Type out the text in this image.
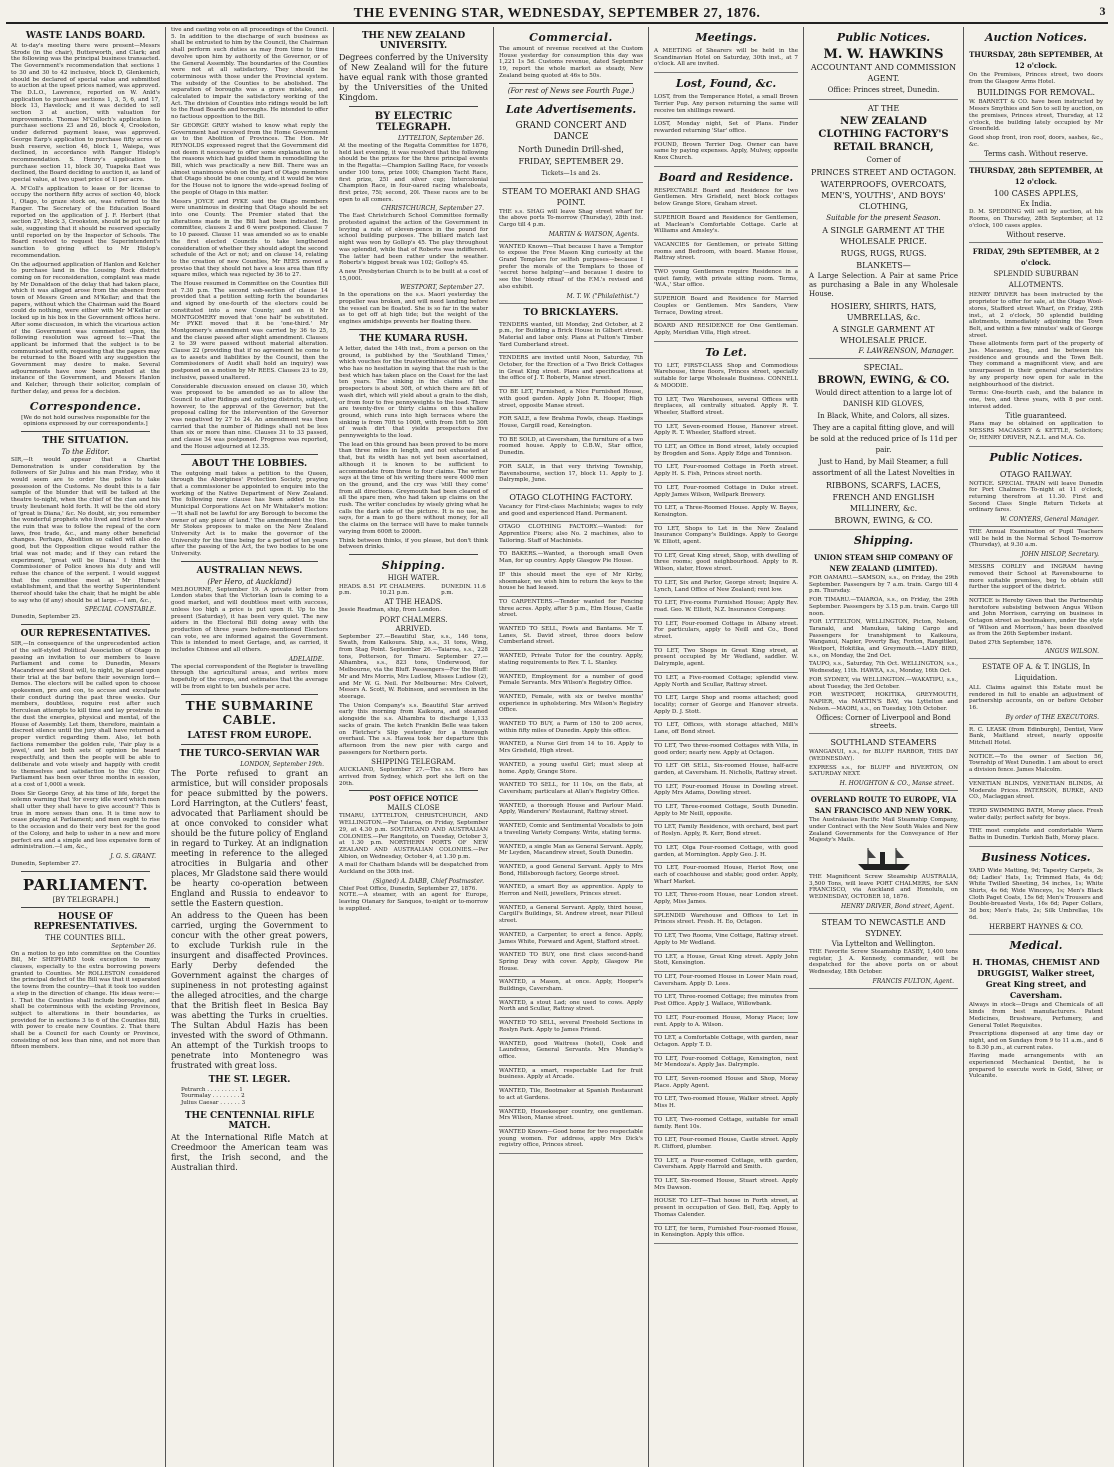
THE EVENING STAR, WEDNESDAY, SEPTEMBER 27, 1876.	3
WASTE LANDS BOARD.

At to-day's meeting there were present—Messrs Strode (in the chair), Butterworth, and Clark; and the following was the principal business transacted. The Government's recommendation that sections 1 to 30 and 30 to 42 inclusive, block D, Glenkenich, should be declared of special value and submitted to auction at the upset prices named, was approved. The D.L.O., Lawrence, reported on W. Anld's application to purchase sections 1, 3, 5, 6, and 17, block 13, Havelock; and it was decided to sell section 3 at auction, with valuation for improvements. Thomas M'Culloch's application to purchase sections 23 and 26, block 4, Crookston, under deferred payment lease, was approved. George Earp's application to purchase fifty acres of bush reserve, section 46, block 1, Waiepa, was declined, in accordance with Ranger Hislop's recommendation. S. Henry's application to purchase section 11, block 30, Tuapeka East was declined, the Board deciding to auction it, as land of special value, at two upset price of 1l per acre.

A. M'Coll's application to lease or for license to occupy the northern fifty acres of section 40, block 1, Otago, to graze stock on, was referred to the Ranger. The Secretary of the Education Board reported on the application of J. F. Herbert (that section 27, block 3, Crookston, should be put up for sale, suggesting that it should be reserved specially until reported on by the Inspector of Schools. The Board resolved to request the Superintendent's sanction to giving effect to Mr Hislop's recommendation.

On the adjourned application of Hanlon and Kelcher to purchase land in the Lousing Rock district coming on for reconsideration, complaint was made by Mr Donaldson of the delay that had taken place, which it was alleged arose from the absence from town of Messrs Green and M'Kellar; and that the papers, without which the Chairman said the Board could do nothing, were either with Mr M'Kellar or locked up in his box in the Government offices here. After some discussion, in which the vicarious action of the Government was commented upon, the following resolution was agreed to:—That the applicant be informed that the subject is to be communicated with, requesting that the papers may be returned to the Board with any suggestion the Government may desire to make. Several adjournments have now been granted at the instance of the Government, and Messrs Hanlon and Kelcher, through their solicitor, complain of further delay, and press for a decision.

Correspondence.

[We do not hold ourselves responsible for the opinions expressed by our correspondents.]

THE SITUATION.
To the Editor.

SIR,—It would appear that a Chartist Demonstration is under consideration by the followers of Sir Julius and his man Friday, who it would seem are to order the police to take possession of the Customs. No doubt this is a fair sample of the blunder that will be talked at the theatre to-night, when the chief of the clan and his trusty lieutenant hold forth. It will be the old story of 'great is Diana,' &c. No doubt, sir, you remember the wonderful prophets who lived and tried to shew the ruin that was to follow the repeal of the corn laws, free trade, &c., and many other beneficial changes. Perhaps, Abolition so called will also do good, but the Opposition clique would rather the trial was not made; and if they can retard the experiment, 'great will be Diana.' I think the Commissioner of Police knows his duty and will refuse the chance of the serpent. I would suggest that the committee meet at Mr Hume's establishment, and that the worthy Superintendent thereof should take the chair, that he might be able to say who (if any) should be at large.—I am, &c.,

SPECIAL CONSTABLE.
Dunedin, September 25.
OUR REPRESENTATIVES.

SIR,—In consequence of the unprecedented action of the self-styled Political Association of Otago in passing an invitation to our members to leave Parliament and come to Dunedin, Messrs Macandrew and Stout will, to night, be placed upon their trial at the bar before their sovereign lord—Demos. The electors will be called upon to choose spokesmen, pro and con, to accuse and exculpate their conduct during the past three weeks. Our members, doubtless, require rest after such Herculean attempts to kill time and lay prostrate in the dust the energies, physical and mental, of the House of Assembly. Let them, therefore, maintain a discreet silence until the jury shall have returned a proper verdict regarding them. Also, let both factions remember the golden rule, 'Fair play is a jewel,' and let both sets of opinion be heard respectfully, and then the people will be able to deliberate and vote wisely and happily with credit to themselves and satisfaction to the City. Our Parliament has been over three months in session, at a cost of 1,000l a week.

Does Sir George Grey, at his time of life, forget the solemn warning that 'for every idle word which men shall utter they shall have to give account'? This is true in more senses than one. It is time now to cease playing at Parliament; and men ought to rise to the occasion and do their very best for the good of the Colony, and help to usher in a new and more perfect era and a simple and less expensive form of administration.—I am, &c.,

J. G. S. GRANT.
Dunedin, September 27.
PARLIAMENT.
[BY TELEGRAPH.]
HOUSE OF REPRESENTATIVES.
THE COUNTIES BILL.
September 26.

On a motion to go into committee on the Counties Bill, Mr SHEPHARD took exception to many clauses, especially to the extra borrowing powers granted to Counties. Mr ROLLESTON considered the principal defect of the Bill was that it separated the towns from the country—that it took too sudden a step in the direction of change. His ideas were:—1. That the Counties shall include boroughs, and shall be coterminous with the existing Provinces, subject to alterations in their boundaries, as provided for in sections 3 to 6 of the Counties Bill, with power to create new Counties. 2. That there shall be a Council for each County or Province, consisting of not less than nine, and not more than fifteen members.

tive and casting vote on all proceedings of the Council. 5. In addition to the discharge of such business as shall be entrusted to him by the Council, the Chairman shall perform such duties as may from time to time devolve upon him by authority of the Governor, or of the General Assembly. The boundaries of the Counties were not at all satisfactory. They should be coterminous with those under the Provincial system. The subsidy of the Counties to be abolished. The separation of boroughs was a grave mistake, and calculated to impair the satisfactory working of the Act. The division of Counties into ridings would be left to the Road Boards and boroughs. He intended to offer no factious opposition to the Bill.

Sir GEORGE GREY wished to know what reply the Government had received from the Home Government as to the Abolition of Provinces. The Hon. Mr REYNOLDS expressed regret that the Government did not deem it necessary to offer some explanation as to the reasons which had guided them in remodelling the Bill, which was practically a new Bill. There was an almost unanimous wish on the part of Otago members that Otago should be one county, and it would be wise for the House not to ignore the wide-spread feeling of the people of Otago in this matter.

Messrs JOYCE and PYKE said the Otago members were unanimous in desiring that Otago should be set into one County. The Premier stated that the alterations made in the Bill had been indicated. In committee, clauses 2 and 6 were postponed. Clause 7 to 10 passed. Clause 11 was amended so as to enable the first elected Councils to take lengthened consideration of whether they should adopt the second schedule of the Act or not; and on clause 14, relating to the creation of new Counties, Mr REES moved a proviso that they should not have a less area than fifty square miles, which was rejected by 36 to 27.

The House resumed in Committee on the Counties Bill at 7.30 p.m. The second sub-section of clause 14 provided that a petition setting forth the boundaries and signed by one-fourth of the electors could be constituted into a new County; and on it Mr MONTGOMERY moved that 'one half' be substituted. Mr PYKE moved that it be 'one-third.' Mr Montgomery's amendment was carried by 36 to 25, and the clause passed after slight amendment. Clauses 2 to 39 were passed without material alteration. Clause 22 (providing that if no agreement be come to as to assets and liabilities by the Council, then the Commissioners of Audit shall hold an inquiry) was postponed on a motion by Mr REES. Clauses 23 to 29, inclusive, passed unaltered.

Considerable discussion ensued on clause 30, which was proposed to be amended so as to allow the Council to alter Ridings and outlying districts, subject, however, to the approval of the Governor; but the proposal calling for the intervention of the Governor was negatived by 27 to 24. An amendment was then carried that the number of Ridings shall not be less than six or more than nine. Clauses 31 to 33 passed, and clause 34 was postponed. Progress was reported, and the House adjourned at 12.35.

ABOUT THE LOBBIES.

The outgoing mail takes a petition to the Queen, through the Aborigines' Protection Society, praying that a commissioner be appointed to enquire into the working of the Native Department of New Zealand. The following new clause has been added to the Municipal Corporations Act on Mr Whitaker's motion:—'It shall not be lawful for any Borough to become the owner of any piece of land.' The amendment the Hon. Mr Stokes proposes to make on the New Zealand University Act is to make the governor of the University for the time being for a period of ten years after the passing of the Act, the two bodies to be one University.

AUSTRALIAN NEWS.
(Per Hero, at Auckland)

MELBOURNE, September 19. A private letter from London states that the Victorian loan is coming to a good market, and will doubtless meet with success, unless too high a price is put upon it. Up to the present (Saturday), it has been very quiet. The new aiders in the Electoral Bill doing away with the production of three years before-mentioned Electors can vote, we are informed against the Government. This is intended to meet Gertage, and, as carried, it includes Chinese and all others.

ADELAIDE.

The special correspondent of the Register is travelling through the agricultural areas, and writes more hopefully of the crops, and estimates that the average will be from eight to ten bushels per acre.

THE SUBMARINE CABLE.
LATEST FROM EUROPE.
THE TURCO-SERVIAN WAR
LONDON, September 19th.

The Porte refused to grant an armistice, but will consider proposals for peace submitted by the powers. Lord Harrington, at the Cutlers' feast, advocated that Parliament should be at once convoked to consider what should be the future policy of England in regard to Turkey. At an indignation meeting in reference to the alleged atrocities in Bulgaria and other places, Mr Gladstone said there would be hearty co-operation between England and Russia to endeavor to settle the Eastern question.

An address to the Queen has been carried, urging the Government to concur with the other great powers, to exclude Turkish rule in the insurgent and disaffected Provinces. Early Derby defended the Government against the charges of supineness in not protesting against the alleged atrocities, and the charge that the British fleet in Besica Bay was abetting the Turks in cruelties. The Sultan Abdul Hazis has been invested with the sword of Othmann. An attempt of the Turkish troops to penetrate into Montenegro was frustrated with great loss.

THE ST. LEGER.
Petrarch . . . . . . . . . 1
Tourmalay . . . . . . . . 2
Julius Caesar . . . . . . 3
THE CENTENNIAL RIFLE MATCH.

At the International Rifle Match at Creedmoor the American team was first, the Irish second, and the Australian third.

THE NEW ZEALAND UNIVERSITY.

Degrees conferred by the University of New Zealand will for the future have equal rank with those granted by the Universities of the United Kingdom.

BY ELECTRIC TELEGRAPH.
LYTTELTON, September 26.

At the meeting of the Regatta Committee for 1876, held last evening, it was resolved that the following should be the prizes for the three principal events in the Regatta:—Champion Sailing Race, for vessels under 100 tons, prize 100l; Champion Yacht Race, first prize, 25l and silver cup; Intercolonial Champion Race, in four-oared racing whaleboats, first prize, 75l; second, 20l. These races are to be open to all comers.

CHRISTCHURCH, September 27.

The East Christchurch School Committee formally protested against the action of the Government in levying a rate of eleven-pence in the pound for school building purposes. The billiard match last night was won by Gollop's 45. The play throughout was splendid, while that of Roberts was indifferent. The latter had been rather under the weather. Roberts's biggest break was 102; Gollop's 45.

A new Presbyterian Church is to be built at a cost of 15,000l.

WESTPORT, September 27.

In the operations on the s.s. Maori yesterday the propeller was broken, and will need landing before the vessel can be floated. She is so far in the water as to get off at high tide; but the weight of the engines amidships prevents her floating there.

THE KUMARA RUSH.

A letter, dated the 14th inst., from a person on the ground, is published by the 'Southland Times,' which vouches for the trustworthiness of the writer, who has no hesitation in saying that the rush is the best which has taken place on the Coast for the last ten years. The sinking in the claims of the prospectors is about 30ft, of which there are 8ft of wash dirt, which will yield about a grain to the dish, or from four to five pennyweights to the load. There are twenty-five or thirty claims on this shallow ground, which runs into high terraces where the sinking is from 70ft to 100ft, with from 16ft to 30ft of wash dirt that yields prospectors five pennyweights to the load.

The lead on this ground has been proved to be more than three miles in length, and not exhausted at that, but its width has not yet been ascertained, although it is known to be sufficient to accommodate from three to four claims. The writer says at the time of his writing there were 4000 men on the ground, and the cry was 'still they come' from all directions. Greymouth had been cleared of all the spare men, who had taken up claims on the rush. The writer concludes by wisely giving what he calls the dark side of the picture. It is no use, he says, for a man to go there without money, for all the claims on the terrace will have to make tunnels varying from 600ft to 2000ft.

Think between thinks, if you please, but don't think between drinks.

Shipping.
HIGH WATER.
HEADS. 8.51 p.m.
PT. CHALMERS. 10.21 p.m.
DUNEDIN. 11.6 p.m.
AT THE HEADS.

Jessie Readman, ship, from London.

PORT CHALMERS.
ARRIVED.

September 27.—Beautiful Star, s.s., 146 tons, Swath, from Kaikoura. Ship, s.s., 31 tons, Wing, from Stag Point. September 26.—Taiaroa, s.s., 228 tons, Potterson, for Timaru. September 27.—Alhambra, s.s., 823 tons, Underwood, for Melbourne, via the Bluff. Passengers—For the Bluff: Mr and Mrs Morris, Mrs Ludlow, Misses Ludlow (2), and Mr W. G. Neil. For Melbourne: Mrs Colvert, Messrs A. Scott, W. Robinson, and seventeen in the steerage.

The Union Company's s.s. Beautiful Star arrived early this morning from Kaikoura, and steamed alongside the s.s. Alhambra to discharge 1,133 sacks of grain. The ketch Franklin Belle was taken on Fletcher's Slip yesterday for a thorough overhaul. The s.s. Hawea took her departure this afternoon from the new pier with cargo and passengers for Northern ports.

SHIPPING TELEGRAM.

AUCKLAND, September 27.—The s.s. Hero has arrived from Sydney, which port she left on the 20th.

POST OFFICE NOTICE
MAILS CLOSE

TIMARU, LYTTELTON, CHRISTCHURCH, AND WELLINGTON.—Per Taiaroa, on Friday, September 29, at 4.30 p.m. SOUTHLAND AND AUSTRALIAN COLONIES.—Per Rangitoto, on Tuesday, October 3, at 1.30 p.m. NORTHERN PORTS OF NEW ZEALAND AND AUSTRALIAN COLONIES.—Per Albion, on Wednesday, October 4, at 1.30 p.m.

A mail for Chatham Islands will be despatched from Auckland on the 30th inst.

(Signed) A. DABB, Chief Postmaster.
Chief Post Office, Dunedin, September 27, 1876.

NOTE.—A steamer, with an agent for Europe, leaving Otanary for Sanquos, to-night or to-morrow is supplied.

Commercial.

The amount of revenue received at the Custom House yesterday for consumption this day was 1,221 1s 5d. Customs revenue, dated September 19, report the whole market as steady, New Zealand being quoted at 46s to 50s.

(For rest of News see Fourth Page.)
Late Advertisements.
GRAND CONCERT AND DANCE
North Dunedin Drill-shed,
FRIDAY, SEPTEMBER 29.
Tickets—1s and 2s.
STEAM TO MOERAKI AND SHAG POINT.

THE s.s. SHAG will leave Shag street wharf for the above ports To-morrow (Thursday), 28th inst. Cargo till 4 p.m.

MARTIN & WATSON, Agents.

WANTED Known—That because I have a Temptor to expose the Free Mason King curiosity at the Grand Templars for selfish purposes—because I prefer the morals of the Templars to those of 'secret horse helping'—and because I desire to see the 'bloody ritual' of the F.M.'s revised and also exhibit.

M. T. W. ("Philalethist.")
TO BRICKLAYERS.

TENDERS wanted, till Monday, 2nd October, at 2 p.m., for Building a Brick House in Gilbert street. Material and labor only. Plans at Fulton's Timber Yard Cumberland street.

TENDERS are invited until Noon, Saturday, 7th October, for the Erection of a Two Brick Cottages in Great King street. Plans and specifications at the office of J. T. Roberts, Manse street.

TO BE LET, Furnished, a Nice Furnished House, with good garden. Apply John R. Hooper, High street, opposite Manse street.

FOR SALE, a few Brahma Fowls, cheap. Hastings House, Cargill road, Kensington.

TO BE SOLD, at Caversham, the furniture of a two roomed house. Apply to C.B.W., Star office, Dunedin.

FOR SALE, in that very thriving Township, Ravensbourne, section 17, block 11. Apply to J. Dalrymple, June.

OTAGO CLOTHING FACTORY.

Vacancy for First-class Machinists; wages to rely and good and experienced Hand. Permanent.

OTAGO CLOTHING FACTORY.—Wanted: for Apprentice Fixers; also No. 2 machines, also to Tailoring. Staff of Machinists.

TO BAKERS.—Wanted, a thorough small Oven Man, for up country. Apply Glasgow Pie House.

IF this should meet the eye of Mr Kirby, shoemaker, we wish him to return the keys to the house he had leased.

TO CARPENTERS.—Tender wanted for Fencing three acres. Apply, after 5 p.m., Elm House, Castle street.

WANTED TO SELL, Fowls and Bantams. Mr T. Lanes, St. David street, three doors below Cumberland street.

WANTED, Private Tutor for the country. Apply, stating requirements to Rev. T. L. Stanley.

WANTED, Employment for a number of good Female Servants. Mrs Wilson's Registry Office.

WANTED, Female, with six or twelve months' experience in upholstering. Mrs Wilson's Registry Office.

WANTED TO BUY, a Farm of 150 to 200 acres, within fifty miles of Dunedin. Apply this office.

WANTED, a Nurse Girl from 14 to 16. Apply to Mrs Grisfield, High street.

WANTED, a young useful Girl; must sleep at home. Apply, Grange Store.

WANTED TO SELL, for 1l 10s, on the flats, at Caversham; particulars at Allan's Registry Office.

WANTED, a thorough House and Parlour Maid. Apply, Wanderers' Restaurant, Rattray street.

WANTED, Comic and Sentimental Vocalists to join a traveling Variety Company. Write, stating terms.

WANTED, a single Man as General Servant. Apply, Mr Leyden, Macandrew street, South Dunedin.

WANTED, a good General Servant. Apply to Mrs Bond, Hillsborough factory, George street.

WANTED, a smart Boy as apprentice. Apply to Herron and Neill, jewellers, Princes street.

WANTED, a General Servant. Apply, third house, Cargill's Buildings, St. Andrew street, near Filleul street.

WANTED, a Carpenter, to erect a fence. Apply, James White, Forward and Agent, Stafford street.

WANTED TO BUY, one first class second-hand Spring Dray with cover. Apply, Glasgow Pie House.

WANTED, a Mason, at once. Apply, Hooper's Buildings, Caversham.

WANTED, a stout Lad; one used to cows. Apply North and Scullar, Rattray street.

WANTED TO SELL, several Freehold Sections in Roslyn Park. Apply to James Friend.

WANTED, good Waitress (hotel), Cook and Laundress, General Servants. Mrs Munday's office.

WANTED, a smart, respectable Lad for fruit business. Apply at Arcade.

WANTED, Tile, Bootmaker at Spanish Restaurant to act at Gardens.

WANTED, Housekeeper country, one gentleman. Mrs Wilson, Manse street.

WANTED Known—Good home for two respectable young women. For address, apply Mrs Dick's registry office, Princes street.

Meetings.

A MEETING of Shearers will be held in the Scandinavian Hotel on Saturday, 30th inst., at 7 o'clock. All are invited.

Lost, Found, &c.

LOST, from the Temperance Hotel, a small Brown Terrier Pup. Any person returning the same will receive ten shillings reward.

LOST, Monday night, Set of Plans. Finder rewarded returning 'Star' office.

FOUND, Brown Terrier Dog. Owner can have same by paying expenses. Apply, Mulvey, opposite Knox Church.

Board and Residence.

RESPECTABLE Board and Residence for two Gentlemen. Mrs Grisfield, next block cottages below Grange Store, Graham street.

SUPERIOR Board and Residence for Gentlemen, at Maclean's Comfortable Cottage. Carle at Williams and Amsley's.

VACANCIES for Gentlemen, or private Sitting rooms and Bedroom, with board. Manse House, Rattray street.

TWO young Gentlemen require Residence in a quiet family, with private sitting room. Terms, 'W.A.,' Star office.

SUPERIOR Board and Residence for Married Couples or Gentlemen. Mrs Sanders, View Terrace, Dowling street.

BOARD AND RESIDENCE for One Gentleman. Apply, Meridian Villa, High street.

To Let.

TO LET, FIRST-CLASS Shop and Commodious Warehouse, three floors, Princes street, specially suitable for large Wholesale Business. CONNELL & MOODIE.

TO LET, Two Warehouses, several Offices with fireplaces, all centrally situated. Apply R. T. Wheeler, Stafford street.

TO LET, Seven-roomed House, Hanover street. Apply R. T. Wheeler, Stafford street.

TO LET, an Office in Bond street, lately occupied by Brogden and Sons. Apply Edge and Tonnison.

TO LET, Four-roomed Cottage in Forth street. Apply H. S. Fish, Princes street north.

TO LET, Four-roomed Cottage in Duke street. Apply James Wilson, Wellpark Brewery.

TO LET, a Three-Roomed House. Apply W. Bayes, Kensington.

TO LET, Shops to Let in the New Zealand Insurance Company's Buildings. Apply to George W. Elliott, agent.

TO LET, Great King street, Shop, with dwelling of three rooms; good neighbourhood. Apply to R. Wilson, slater, Howe street.

TO LET, Six and Parlor, George street; Inquire A. Lynch, Land Office of New Zealand; rent low.

TO LET, Five-rooms Furnished House; Apply Rev. road. Geo. W. Elliott, N.Z. Insurance Company.

TO LET, Four-roomed Cottage in Albany street. For particulars, apply to Neill and Co., Bond street.

TO LET, Two Shops in Great King street, at present occupied by Mr Wedland, saddler. W. Dalrymple, agent.

TO LET, a Five-roomed Cottage; splendid view. Apply North and Scullar, Rattray street.

TO LET, Large Shop and rooms attached; good locality; corner of George and Hanover streets. Apply D. J. Stott.

TO LET, Offices, with storage attached, Mill's Lane, off Bond street.

TO LET, Two three-roomed Cottages with Villa, in good order; nearly new. Apply at Octagon.

TO LET OR SELL, Six-roomed House, half-acre garden, at Caversham. H. Nicholls, Rattray street.

TO LET, Four-roomed House in Dowling street. Apply Mrs Adams, Dowling street.

TO LET, Three-roomed Cottage, South Dunedin. Apply to Mr Neill, opposite.

TO LET, Family Residence, with orchard, best part of Roslyn. Apply, R. Kerr, Bond street.

TO LET, Olga Four-roomed Cottage, with good garden, at Mornington. Apply Geo. J. H.

TO LET, Four-roomed House, Heriot Row, one each of coachhouse and stable; good order. Apply, Wharf Market.

TO LET, Three-room House, near London street. Apply, Miss James.

SPLENDID Warehouse and Offices to Let in Princes street. Fresh. H. Eo, Octagon.

TO LET, Two Rooms, Vine Cottage, Rattray street. Apply to Mr Wedland.

TO LET, a House, Great King street. Apply John Stott, Kensington.

TO LET, Four-roomed House in Lower Main road, Caversham. Apply D. Lees.

TO LET, Three-roomed Cottage; five minutes from Post Office. Apply J. Wallace, Willowbank.

TO LET, Four-roomed House, Moray Place; low rent. Apply to A. Wilson.

TO LET, a Comfortable Cottage, with garden, near Octagon. Apply T. D.

TO LET, Four-roomed Cottage, Kensington, next Mr Mendoza's. Apply Jas. Dalrymple.

TO LET, Seven-roomed House and Shop, Moray Place. Apply Agent.

TO LET, Two-roomed House, Walker street. Apply Miss H.

TO LET, Two-roomed Cottage, suitable for small family. Rent 10s.

TO LET, Four-roomed House, Castle street. Apply R. Clifford, plumber.

TO LET, a Four-roomed Cottage, with garden, Caversham. Apply Harrold and Smith.

TO LET, Six-roomed House, Stuart street. Apply Mrs Dawson.

HOUSE TO LET—That house in Forth street, at present in occupation of Geo. Bell, Esq. Apply to Thomas Calender.

TO LET, for term, Furnished Four-roomed House, in Kensington. Apply this office.

Public Notices.
M. W. HAWKINS
ACCOUNTANT AND COMMISSION AGENT.
Office: Princes street, Dunedin.
AT THE
NEW ZEALAND CLOTHING FACTORY'S RETAIL BRANCH,
Corner of
PRINCES STREET AND OCTAGON.
WATERPROOFS, OVERCOATS, MEN'S, YOUTHS', AND BOYS' CLOTHING,
Suitable for the present Season.
A SINGLE GARMENT AT THE WHOLESALE PRICE.
RUGS, RUGS, RUGS.
BLANKETS—

A Large Selection. A Pair at same Price as purchasing a Bale in any Wholesale House.

HOSIERY, SHIRTS, HATS, UMBRELLAS, &c.
A SINGLE GARMENT AT WHOLESALE PRICE.
F. LAWRENSON, Manager.
SPECIAL.
BROWN, EWING, & CO.
Would direct attention to a large lot of DANISH KID GLOVES,
In Black, White, and Colors, all sizes.
They are a capital fitting glove, and will be sold at the reduced price of Is 11d per pair.
Just to Hand, by Mail Steamer, a full assortment of all the Latest Novelties in
RIBBONS, SCARFS, LACES,
FRENCH AND ENGLISH MILLINERY, &c.
BROWN, EWING, & CO.
Shipping.
UNION STEAM SHIP COMPANY OF NEW ZEALAND (LIMITED).

FOR OAMARU.—SAMSON, s.s., on Friday, the 29th September. Passengers by 7 a.m. train. Cargo till 4 p.m. Thursday.

FOR TIMARU.—TAIAROA, s.s., on Friday, the 29th September. Passengers by 3.15 p.m. train. Cargo till noon.

FOR LYTTELTON, WELLINGTON, Picton, Nelson, Taranaki, and Manukau, taking Cargo and Passengers for transhipment to Kaikoura, Wanganui, Napier, Poverty Bay, Foxton, Rangitikei, Westport, Hokitika, and Greymouth.—LADY BIRD, s.s., on Monday, the 2nd Oct.

TAUPO, s.s., Saturday, 7th Oct. WELLINGTON, s.s., Wednesday, 11th. HAWEA, s.s., Monday, 16th Oct.

FOR SYDNEY, via WELLINGTON.—WAKATIPU, s.s., about Tuesday, the 3rd October.

FOR WESTPORT, HOKITIKA, GREYMOUTH, NAPIER, via MARTIN'S BAY, via Lyttelton and Nelson.—MAORI, s.s., on Tuesday, 10th October.

Offices: Corner of Liverpool and Bond streets.
SOUTHLAND STEAMERS

WANGANUI, s.s., for BLUFF HARBOR, THIS DAY (WEDNESDAY).

EXPRESS s.s., for BLUFF and RIVERTON, ON SATURDAY NEXT.

H. HOUGHTON & CO., Manse street.
OVERLAND ROUTE TO EUROPE, VIA SAN FRANCISCO AND NEW YORK.

The Australasian Pacific Mail Steamship Company, under Contract with the New South Wales and New Zealand Governments for the Conveyance of Her Majesty's Mails.

THE Magnificent Screw Steamship AUSTRALIA, 3,500 Tons, will leave PORT CHALMERS, for SAN FRANCISCO, via Auckland and Honolulu, on WEDNESDAY, OCTOBER 18, 1876.

HENRY DRIVER, Bond street, Agent.
STEAM TO NEWCASTLE AND SYDNEY.
Via Lyttelton and Wellington.

THE Favorite Screw Steamship EASBY, 1,400 tons register, J. A. Kennedy, commander, will be despatched for the above ports on or about Wednesday, 18th October.

FRANCIS FULTON, Agent.
Auction Notices.
THURSDAY, 28th SEPTEMBER, At 12 o'clock.

On the Premises, Princes street, two doors from the Glasgow Arms Hotel.

BUILDINGS FOR REMOVAL.

W. BARNETT & CO. have been instructed by Messrs Smythies and Son to sell by auction, on the premises, Princes street, Thursday, at 12 o'clock, the building lately occupied by Mr Greenfield.

Good shop front, iron roof, doors, sashes, &c., &c.

Terms cash. Without reserve.
THURSDAY, 28th SEPTEMBER, At 12 o'clock.
100 CASES APPLES,
Ex India.

D. M. SPEDDING will sell by auction, at his Rooms, on Thursday, 28th September, at 12 o'clock, 100 cases apples.

Without reserve.
FRIDAY, 29th SEPTEMBER, At 2 o'clock.
SPLENDID SUBURBAN ALLOTMENTS.

HENRY DRIVER has been instructed by the proprietor to offer for sale, at the Otago Wool-stores, Stafford street Wharf, on Friday, 29th inst., at 2 o'clock, 50 splendid building allotments, immediately adjoining the Town Belt, and within a few minutes' walk of George street.

These allotments form part of the property of Jas. Macassey, Esq., and lie between his residence and grounds and the Town Belt. They command a magnificent view, and are unsurpassed in their general characteristics by any property now open for sale in the neighbourhood of the district.

Terms: One-fourth cash, and the balance in one, two, and three years, with 8 per cent. interest added.

Title guaranteed.

Plans may be obtained on application to MESSRS MACASSEY & KETTLE, Solicitors; Or, HENRY DRIVER, N.Z.L. and M.A. Co.

Public Notices.
OTAGO RAILWAY.

NOTICE. SPECIAL TRAIN will leave Dunedin for Port Chalmers To-night at 11 o'clock, returning therefrom at 11.30. First and Second Class Single Return Tickets at ordinary fares.

W. CONYERS, General Manager.

THE Annual Examination of Pupil Teachers will be held in the Normal School To-morrow (Thursday), at 9.30 a.m.

JOHN HISLOP, Secretary.

MESSRS CORLEY and INGRAM having removed their School at Ravensbourne to more suitable premises, beg to obtain still further the support of the district.

NOTICE is Hereby Given that the Partnership heretofore subsisting between Angus Wilson and John Morrison, carrying on business in Octagon street as bootmakers, under the style of 'Wilson and Morrison,' has been dissolved as from the 26th September instant.

Dated 27th September, 1876.
ANGUS WILSON.
ESTATE OF A. & T. INGLIS, In Liquidation.

ALL Claims against this Estate must be rendered in full to enable an adjustment of partnership accounts, on or before October 16.

By order of THE EXECUTORS.

R. C. LEASK (from Edinburgh), Dentist, View Bank, Maitland street, nearly opposite Mitchell Hotel.

NOTICE.—To the owner of Section 56, Township of West Dunedin. I am about to erect a division fence. James Malcolm.

VENETIAN BLINDS, VENETIAN BLINDS, At Moderate Prices. PATERSON, BURKE, AND CO., Maclaggan street.

TEPID SWIMMING BATH, Moray place. Fresh water daily; perfect safety for boys.

THE most complete and comfortable Warm Baths in Dunedin. Turkish Bath, Moray place.

Business Notices.

YARD Wide Matting, 9d; Tapestry Carpets, 3s 6d; Ladies' Hats, 1s; Trimmed Hats, 4s 6d; White Twilled Sheeting, 54 inches, 1s; White Shirts, 4s 6d; Wide Winceys, 1s; Men's Black Cloth Paget Coats, 15s 6d; Men's Trousers and Double-breasted Vests, 16s 6d; Paper Collars, 3d box; Men's Hats, 2s; Silk Umbrellas, 10s 6d.

HERBERT HAYNES & CO.
Medical.
H. THOMAS, CHEMIST AND DRUGGIST, Walker street, Great King street, and Caversham.

Always in stock—Drugs and Chemicals of all kinds from best manufacturers. Patent Medicines, Brushware, Perfumery, and General Toilet Requisites.

Prescriptions dispensed at any time day or night, and on Sundays from 9 to 11 a.m., and 6 to 8.30 p.m., at current rates.

Having made arrangements with an experienced Mechanical Dentist, he is prepared to execute work in Gold, Silver, or Vulcanite.
